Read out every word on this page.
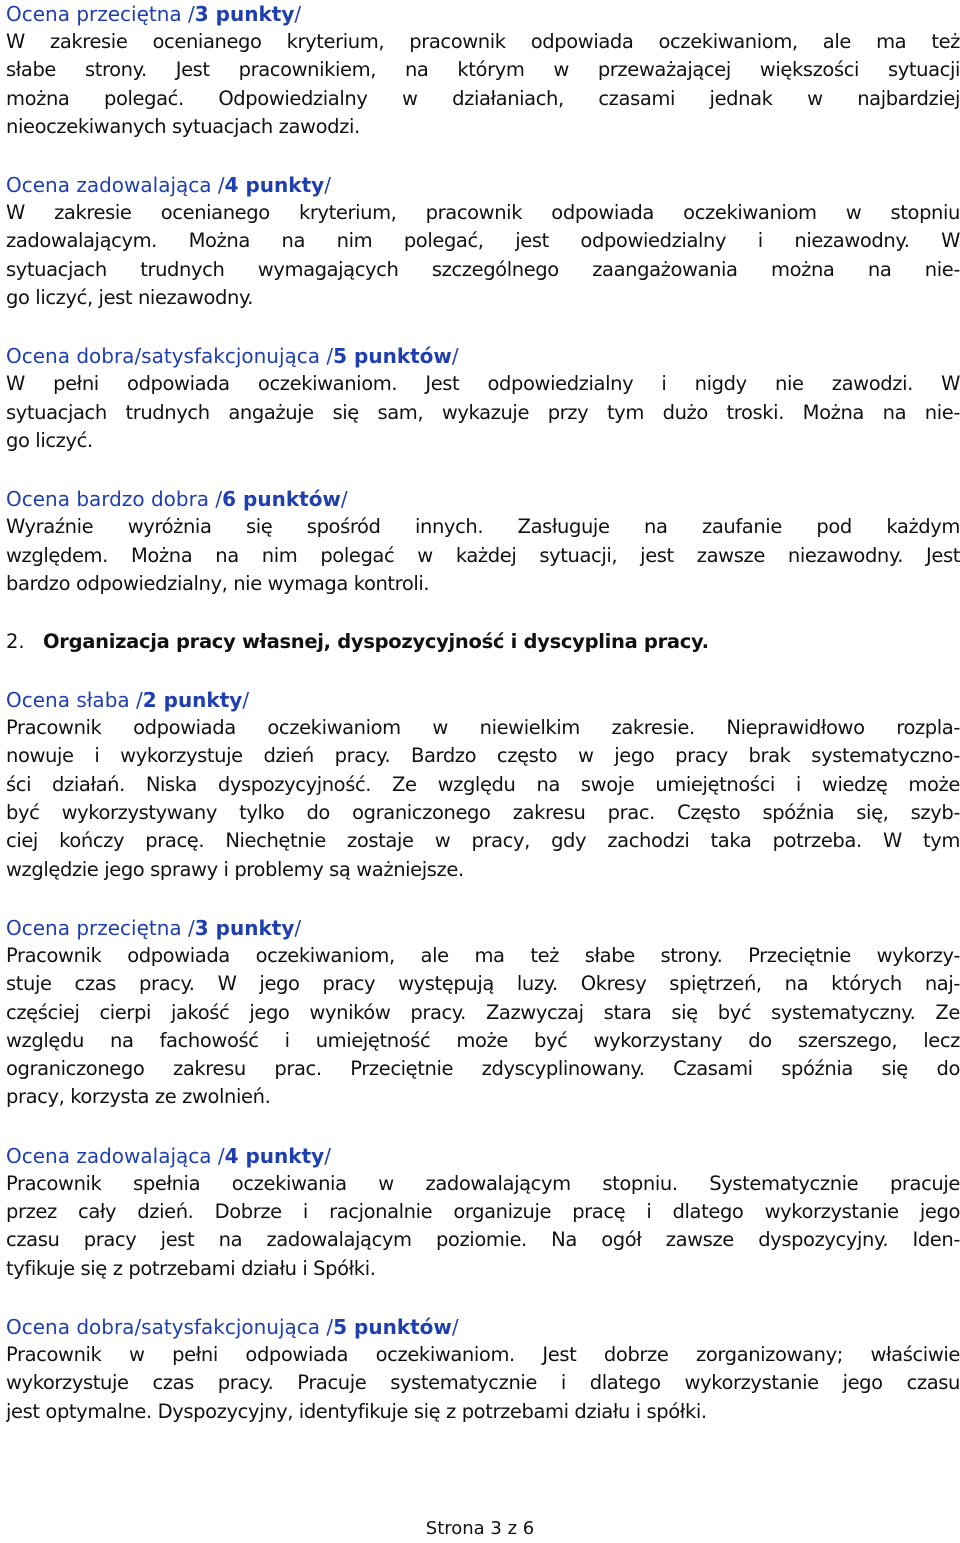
Ocena przeciętna /3 punkty/
W zakresie ocenianego kryterium, pracownik odpowiada oczekiwaniom, ale ma też
słabe strony. Jest pracownikiem, na którym w przeważającej większości sytuacji
można polegać. Odpowiedzialny w działaniach, czasami jednak w najbardziej
nieoczekiwanych sytuacjach zawodzi.
Ocena zadowalająca /4 punkty/
W zakresie ocenianego kryterium, pracownik odpowiada oczekiwaniom w stopniu
zadowalającym. Można na nim polegać, jest odpowiedzialny i niezawodny. W
sytuacjach trudnych wymagających szczególnego zaangażowania można na nie-
go liczyć, jest niezawodny.
Ocena dobra/satysfakcjonująca /5 punktów/
W pełni odpowiada oczekiwaniom. Jest odpowiedzialny i nigdy nie zawodzi. W
sytuacjach trudnych angażuje się sam, wykazuje przy tym dużo troski. Można na nie-
go liczyć.
Ocena bardzo dobra /6 punktów/
Wyraźnie wyróżnia się spośród innych. Zasługuje na zaufanie pod każdym
względem. Można na nim polegać w każdej sytuacji, jest zawsze niezawodny. Jest
bardzo odpowiedzialny, nie wymaga kontroli.
2. Organizacja pracy własnej, dyspozycyjność i dyscyplina pracy.
Ocena słaba /2 punkty/
Pracownik odpowiada oczekiwaniom w niewielkim zakresie. Nieprawidłowo rozpla-
nowuje i wykorzystuje dzień pracy. Bardzo często w jego pracy brak systematyczno-
ści działań. Niska dyspozycyjność. Ze względu na swoje umiejętności i wiedzę może
być wykorzystywany tylko do ograniczonego zakresu prac. Często spóźnia się, szyb-
ciej kończy pracę. Niechętnie zostaje w pracy, gdy zachodzi taka potrzeba. W tym
względzie jego sprawy i problemy są ważniejsze.
Ocena przeciętna /3 punkty/
Pracownik odpowiada oczekiwaniom, ale ma też słabe strony. Przeciętnie wykorzy-
stuje czas pracy. W jego pracy występują luzy. Okresy spiętrzeń, na których naj-
częściej cierpi jakość jego wyników pracy. Zazwyczaj stara się być systematyczny. Ze
względu na fachowość i umiejętność może być wykorzystany do szerszego, lecz
ograniczonego zakresu prac. Przeciętnie zdyscyplinowany. Czasami spóźnia się do
pracy, korzysta ze zwolnień.
Ocena zadowalająca /4 punkty/
Pracownik spełnia oczekiwania w zadowalającym stopniu. Systematycznie pracuje
przez cały dzień. Dobrze i racjonalnie organizuje pracę i dlatego wykorzystanie jego
czasu pracy jest na zadowalającym poziomie. Na ogół zawsze dyspozycyjny. Iden-
tyfikuje się z potrzebami działu i Spółki.
Ocena dobra/satysfakcjonująca /5 punktów/
Pracownik w pełni odpowiada oczekiwaniom. Jest dobrze zorganizowany; właściwie
wykorzystuje czas pracy. Pracuje systematycznie i dlatego wykorzystanie jego czasu
jest optymalne. Dyspozycyjny, identyfikuje się z potrzebami działu i spółki.
Strona 3 z 6
